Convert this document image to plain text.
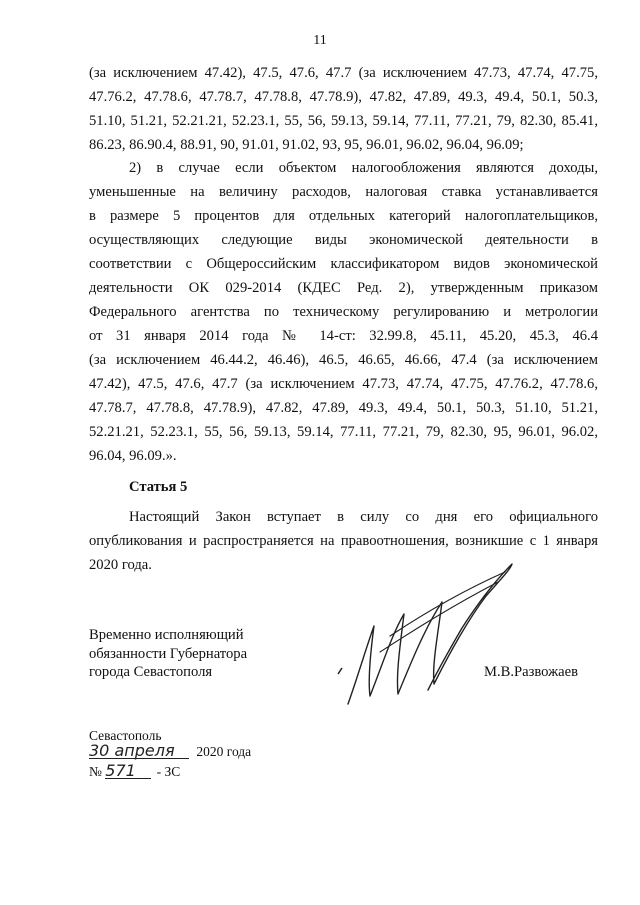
11
(за исключением 47.42), 47.5, 47.6, 47.7 (за исключением 47.73, 47.74, 47.75,
47.76.2, 47.78.6, 47.78.7, 47.78.8, 47.78.9), 47.82, 47.89, 49.3, 49.4, 50.1, 50.3,
51.10, 51.21, 52.21.21, 52.23.1, 55, 56, 59.13, 59.14, 77.11, 77.21, 79, 82.30, 85.41,
86.23, 86.90.4, 88.91, 90, 91.01, 91.02, 93, 95, 96.01, 96.02, 96.04, 96.09;
2) в случае если объектом налогообложения являются доходы,
уменьшенные на величину расходов, налоговая ставка устанавливается
в размере 5 процентов для отдельных категорий налогоплательщиков,
осуществляющих следующие виды экономической деятельности в
соответствии с Общероссийским классификатором видов экономической
деятельности ОК 029-2014 (КДЕС Ред. 2), утвержденным приказом
Федерального агентства по техническому регулированию и метрологии
от 31 января 2014 года № 14-ст: 32.99.8, 45.11, 45.20, 45.3, 46.4
(за исключением 46.44.2, 46.46), 46.5, 46.65, 46.66, 47.4 (за исключением
47.42), 47.5, 47.6, 47.7 (за исключением 47.73, 47.74, 47.75, 47.76.2, 47.78.6,
47.78.7, 47.78.8, 47.78.9), 47.82, 47.89, 49.3, 49.4, 50.1, 50.3, 51.10, 51.21,
52.21.21, 52.23.1, 55, 56, 59.13, 59.14, 77.11, 77.21, 79, 82.30, 95, 96.01, 96.02,
96.04, 96.09.».
Статья 5
Настоящий Закон вступает в силу со дня его официального
опубликования и распространяется на правоотношения, возникшие с 1 января
2020 года.
Временно исполняющий
обязанности Губернатора
города Севастополя	М.В.Развожаев
Севастополь
30 апреля 2020 года
№ 571 - ЗС
